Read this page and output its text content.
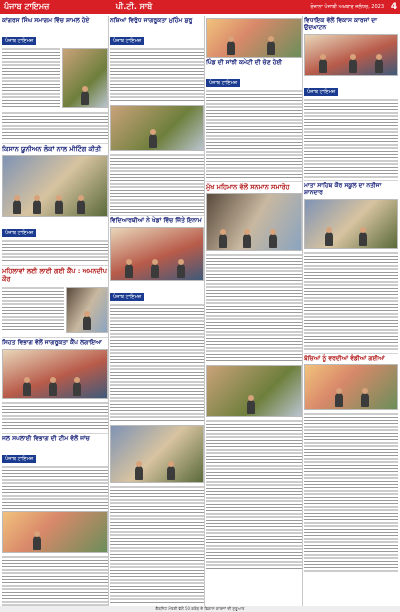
ਪੰਜਾਬ ਟਾਇਮਜ਼	ਪੀ.ਟੀ. ਸਾਬੋ	ਰੋਜ਼ਾਨਾ ਪੰਜਾਬੀ ਅਖ਼ਬਾਰ ਜਲੰਧਰ, 2023 4
ਕਾਂਗਰਸ ਸਿੰਘ ਸਮਾਗਮ ਵਿੱਚ ਸ਼ਾਮਲ ਹੋਏ
ਪੰਜਾਬ ਟਾਇਮਜ਼
ਕਿਸਾਨ ਯੂਨੀਅਨ ਲੋਕਾਂ ਨਾਲ ਮੀਟਿੰਗ ਕੀਤੀ
ਪੰਜਾਬ ਟਾਇਮਜ਼
ਮਹਿਲਾਵਾਂ ਲਈ ਲਾਈ ਗਈ ਕੈਂਪ : ਅਮਨਦੀਪ ਕੌਰ
ਸਿਹਤ ਵਿਭਾਗ ਵੱਲੋਂ ਜਾਗਰੂਕਤਾ ਕੈਂਪ ਲਗਾਇਆ
ਜਲ ਸਪਲਾਈ ਵਿਭਾਗ ਦੀ ਟੀਮ ਵੱਲੋਂ ਜਾਂਚ
ਪੰਜਾਬ ਟਾਇਮਜ਼
ਨਸ਼ਿਆਂ ਵਿਰੁੱਧ ਜਾਗਰੂਕਤਾ ਮੁਹਿੰਮ ਸ਼ੁਰੂ
ਪੰਜਾਬ ਟਾਇਮਜ਼
ਵਿਦਿਆਰਥੀਆਂ ਨੇ ਖੇਡਾਂ ਵਿੱਚ ਜਿੱਤੇ ਇਨਾਮ
ਪੰਜਾਬ ਟਾਇਮਜ਼
ਪਿੰਡ ਦੀ ਸਾਂਝੀ ਕਮੇਟੀ ਦੀ ਚੋਣ ਹੋਈ
ਪੰਜਾਬ ਟਾਇਮਜ਼
ਮੁੱਖ ਮਹਿਮਾਨ ਵੱਲੋਂ ਸਨਮਾਨ ਸਮਾਰੋਹ
ਵਿਧਾਇਕ ਵੱਲੋਂ ਵਿਕਾਸ ਕਾਰਜਾਂ ਦਾ ਉਦਘਾਟਨ
ਪੰਜਾਬ ਟਾਇਮਜ਼
ਮਾਤਾ ਸਾਹਿਬ ਕੌਰ ਸਕੂਲ ਦਾ ਨਤੀਜਾ ਸ਼ਾਨਦਾਰ
ਬੱਚਿਆਂ ਨੂੰ ਵਰਦੀਆਂ ਵੰਡੀਆਂ ਗਈਆਂ
ਕੈਬਨਿਟ ਮੰਤਰੀ ਵੱਲੋਂ 50 ਕਰੋੜ ਦੇ ਵਿਕਾਸ ਕਾਰਜਾਂ ਦੀ ਸ਼ੁਰੂਆਤ
